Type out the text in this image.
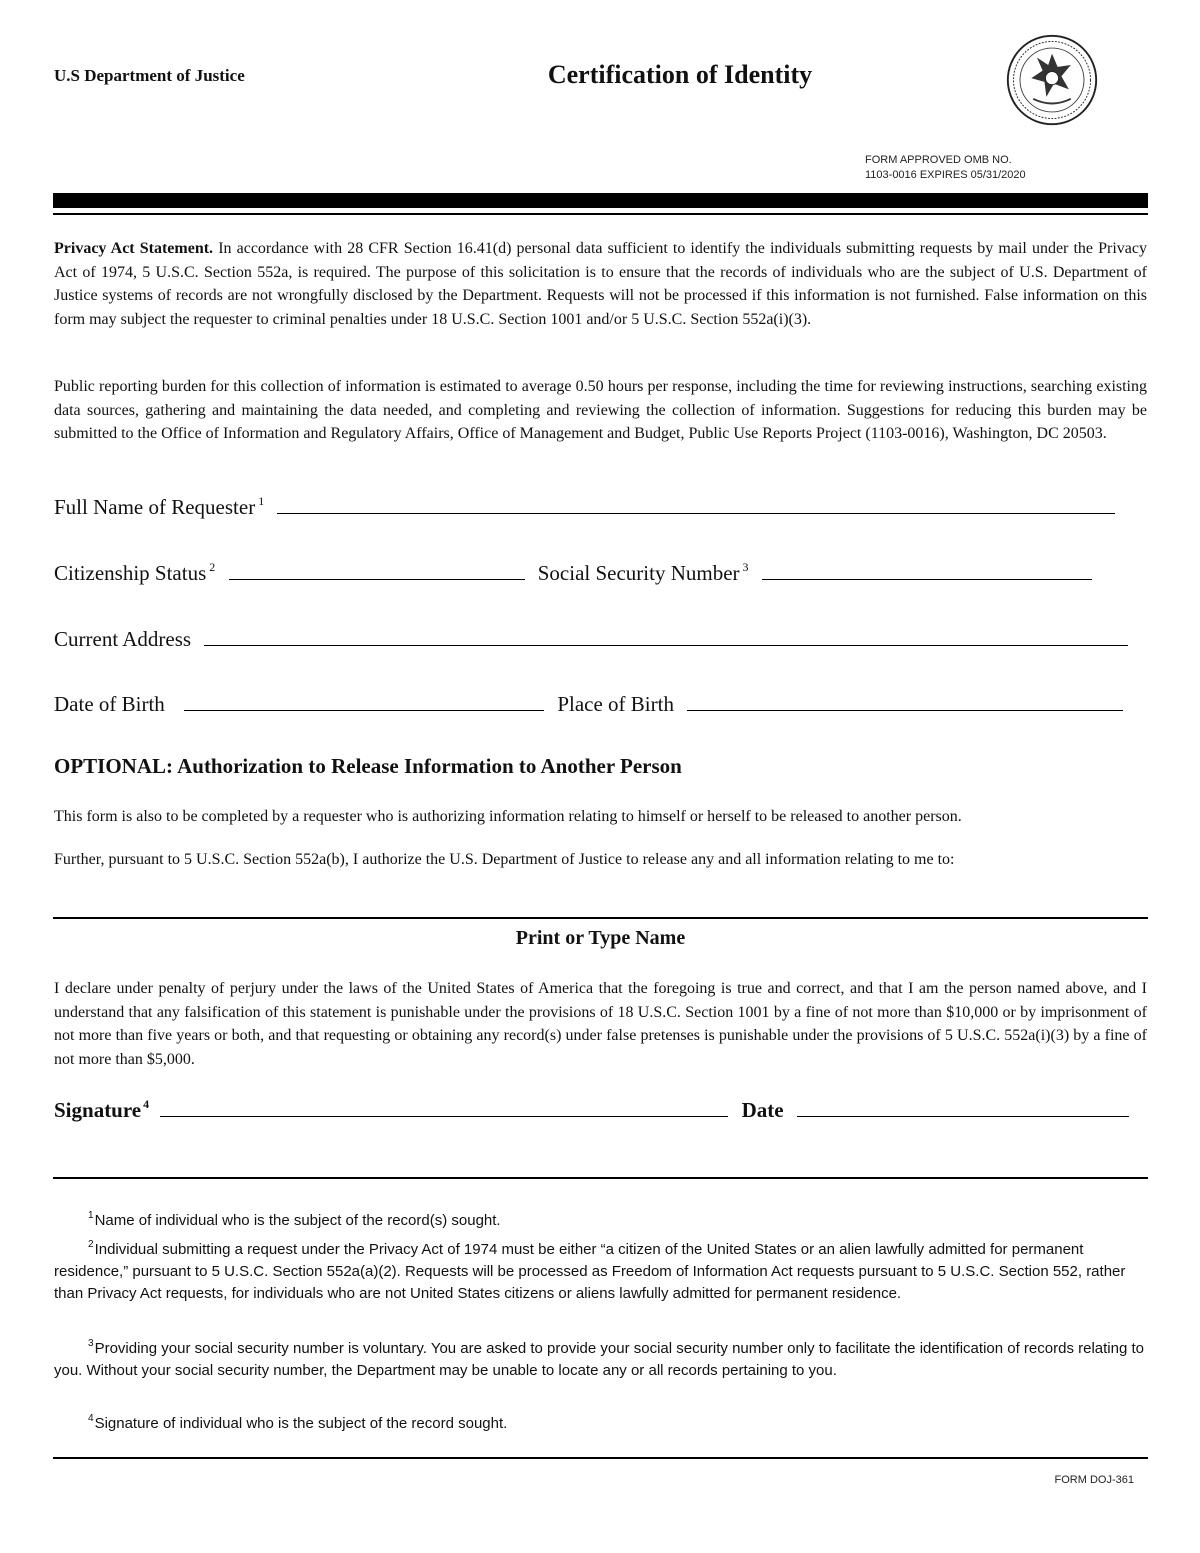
U.S Department of Justice	Certification of Identity
FORM APPROVED OMB NO.
1103-0016 EXPIRES 05/31/2020
Privacy Act Statement. In accordance with 28 CFR Section 16.41(d) personal data sufficient to identify the individuals submitting requests by mail under the Privacy Act of 1974, 5 U.S.C. Section 552a, is required. The purpose of this solicitation is to ensure that the records of individuals who are the subject of U.S. Department of Justice systems of records are not wrongfully disclosed by the Department. Requests will not be processed if this information is not furnished. False information on this form may subject the requester to criminal penalties under 18 U.S.C. Section 1001 and/or 5 U.S.C. Section 552a(i)(3).
Public reporting burden for this collection of information is estimated to average 0.50 hours per response, including the time for reviewing instructions, searching existing data sources, gathering and maintaining the data needed, and completing and reviewing the collection of information. Suggestions for reducing this burden may be submitted to the Office of Information and Regulatory Affairs, Office of Management and Budget, Public Use Reports Project (1103-0016), Washington, DC 20503.
Full Name of Requester $^1$
Citizenship Status $^2$	Social Security Number $^3$
Current Address
Date of Birth	Place of Birth
OPTIONAL: Authorization to Release Information to Another Person
This form is also to be completed by a requester who is authorizing information relating to himself or herself to be released to another person.
Further, pursuant to 5 U.S.C. Section 552a(b), I authorize the U.S. Department of Justice to release any and all information relating to me to:
Print or Type Name
I declare under penalty of perjury under the laws of the United States of America that the foregoing is true and correct, and that I am the person named above, and I understand that any falsification of this statement is punishable under the provisions of 18 U.S.C. Section 1001 by a fine of not more than $10,000 or by imprisonment of not more than five years or both, and that requesting or obtaining any record(s) under false pretenses is punishable under the provisions of 5 U.S.C. 552a(i)(3) by a fine of not more than $5,000.
Signature $^4$	Date
$^1$Name of individual who is the subject of the record(s) sought.
$^2$Individual submitting a request under the Privacy Act of 1974 must be either “a citizen of the United States or an alien lawfully admitted for permanent residence,” pursuant to 5 U.S.C. Section 552a(a)(2). Requests will be processed as Freedom of Information Act requests pursuant to 5 U.S.C. Section 552, rather than Privacy Act requests, for individuals who are not United States citizens or aliens lawfully admitted for permanent residence.
$^3$Providing your social security number is voluntary. You are asked to provide your social security number only to facilitate the identification of records relating to you. Without your social security number, the Department may be unable to locate any or all records pertaining to you.
$^4$Signature of individual who is the subject of the record sought.
FORM DOJ-361
